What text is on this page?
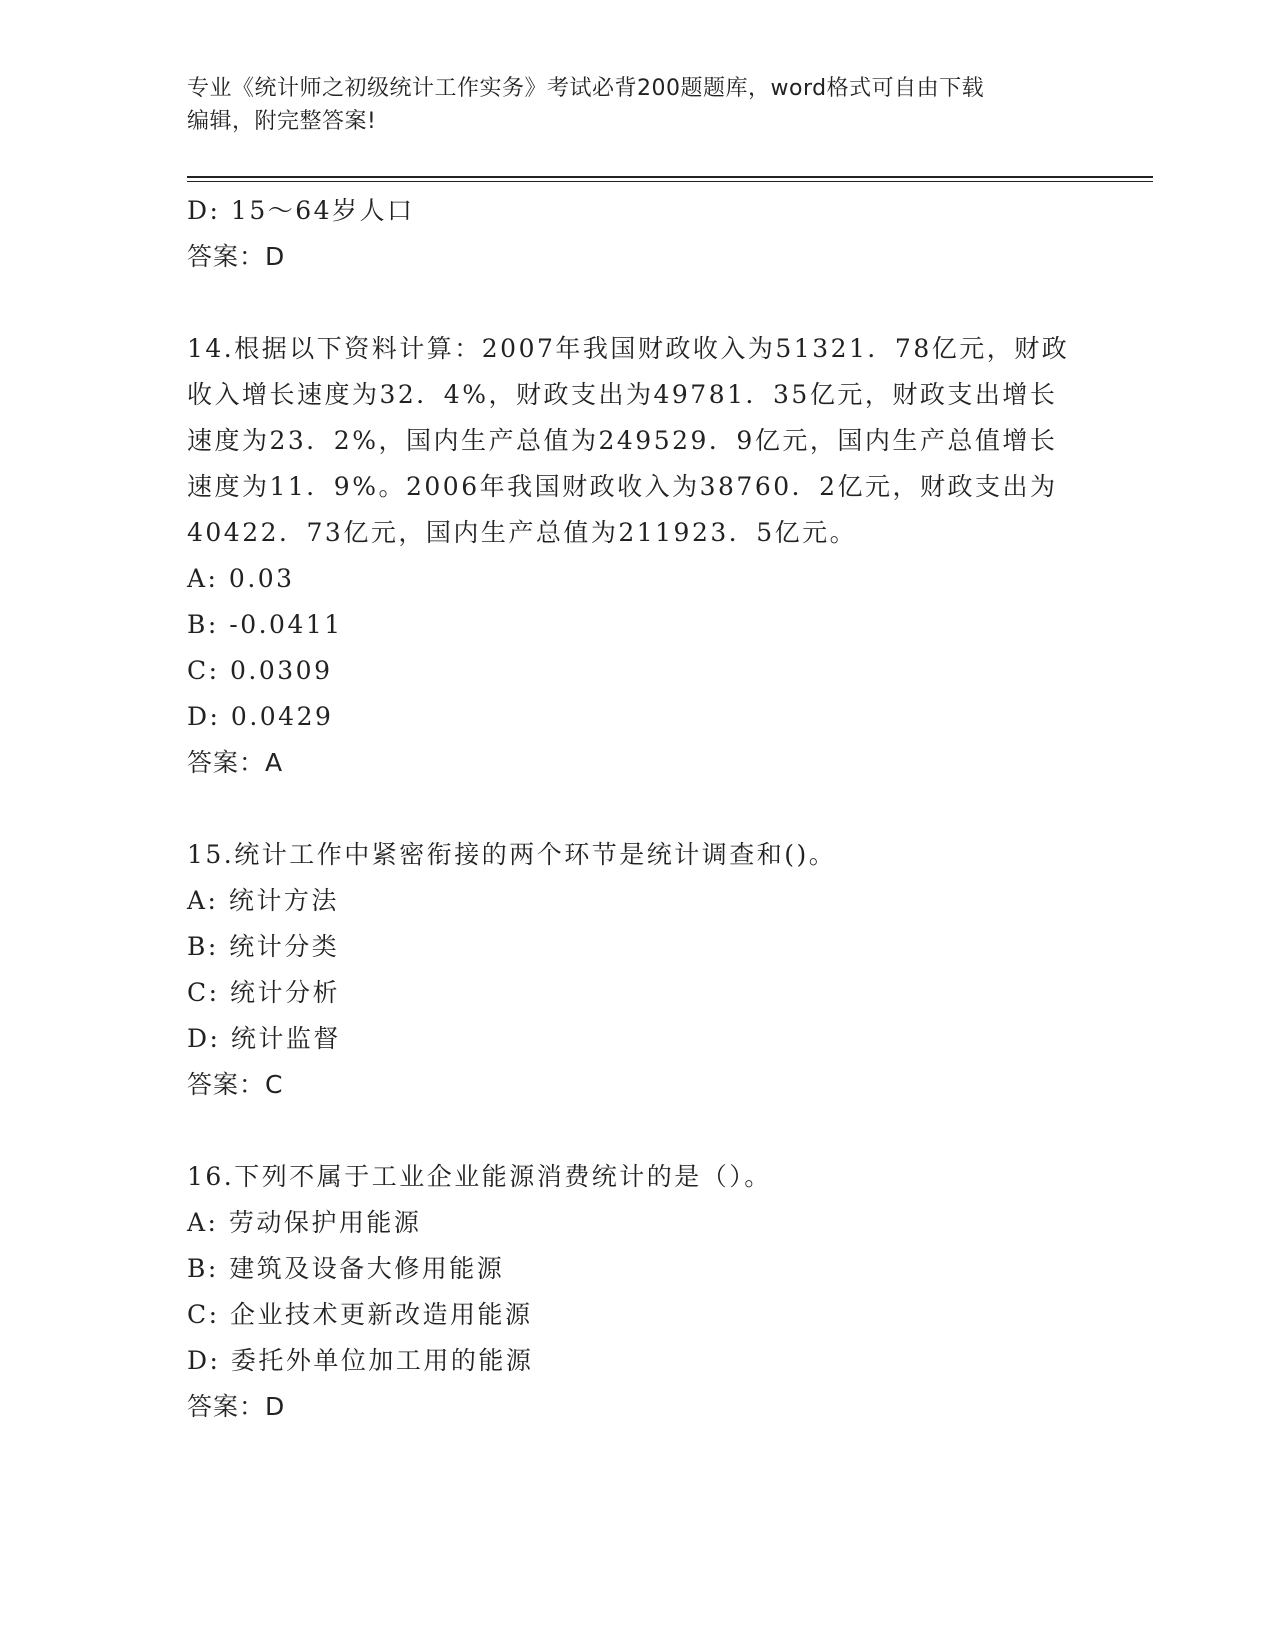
专业《统计师之初级统计工作实务》考试必背200题题库，word格式可自由下载
编辑，附完整答案!
D: 15～64岁人口
答案：D
14.根据以下资料计算：2007年我国财政收入为51321．78亿元，财政
收入增长速度为32．4%，财政支出为49781．35亿元，财政支出增长
速度为23．2%，国内生产总值为249529．9亿元，国内生产总值增长
速度为11．9%。2006年我国财政收入为38760．2亿元，财政支出为
40422．73亿元，国内生产总值为211923．5亿元。
A: 0.03
B: -0.0411
C: 0.0309
D: 0.0429
答案：A
15.统计工作中紧密衔接的两个环节是统计调查和()。
A: 统计方法
B: 统计分类
C: 统计分析
D: 统计监督
答案：C
16.下列不属于工业企业能源消费统计的是（）。
A: 劳动保护用能源
B: 建筑及设备大修用能源
C: 企业技术更新改造用能源
D: 委托外单位加工用的能源
答案：D
